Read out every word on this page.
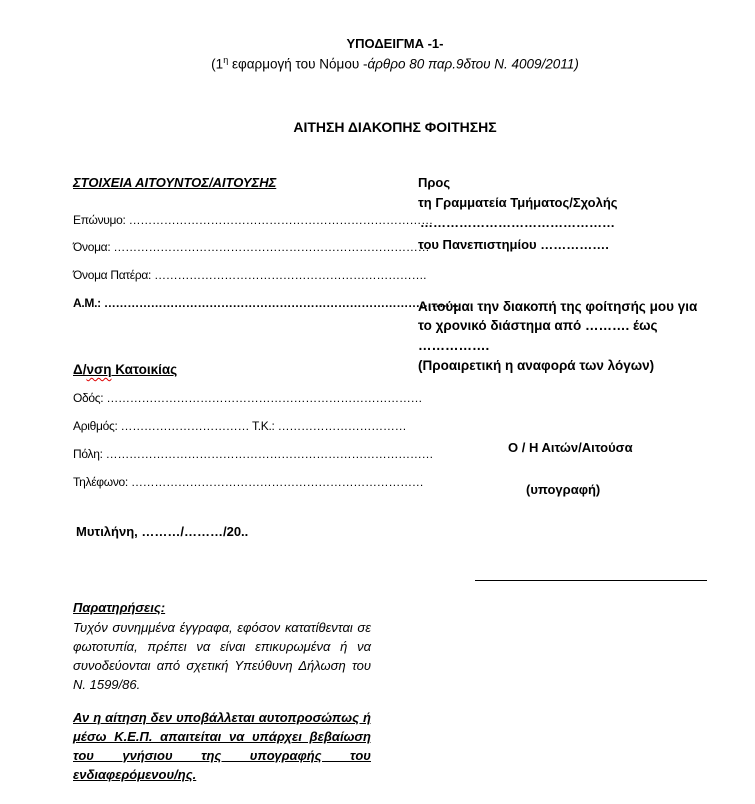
ΥΠΟΔΕΙΓΜΑ -1-
($1^\eta$ εφαρμογή του Νόμου -άρθρο 80 παρ.9δτου Ν. 4009/2011)
ΑΙΤΗΣΗ ΔΙΑΚΟΠΗΣ ΦΟΙΤΗΣΗΣ
ΣΤΟΙΧΕΙΑ ΑΙΤΟΥΝΤΟΣ/ΑΙΤΟΥΣΗΣ
Επώνυμο: ……………………………………………………………………
Όνομα: ………………………………………………………………………
Όνομα Πατέρα: …………………………………………………………….
Α.Μ.: …………………………………………………………………………….. ..
Δ/νση Κατοικίας
Οδός: ………………………………………………………………………
Αριθμός: …………………………… Τ.Κ.: ……………………………
Πόλη: …………………………………………………………………………
Τηλέφωνο: …………………………………………………………………
Μυτιλήνη, ………/………/20..
Προς
τη Γραμματεία Τμήματος/Σχολής
………………………………………
του Πανεπιστημίου …………….
Αιτούμαι την διακοπή της φοίτησής μου για
το χρονικό διάστημα από ………. έως
…………….
(Προαιρετική η αναφορά των λόγων)
Ο / Η Αιτών/Αιτούσα
(υπογραφή)
Παρατηρήσεις:
Τυχόν συνημμένα έγγραφα, εφόσον κατατίθενται σε φωτοτυπία, πρέπει να είναι επικυρωμένα ή να συνοδεύονται από σχετική Υπεύθυνη Δήλωση του Ν. 1599/86.
Αν η αίτηση δεν υποβάλλεται αυτοπροσώπως ή μέσω Κ.Ε.Π. απαιτείται να υπάρχει βεβαίωση του γνήσιου της υπογραφής του ενδιαφερόμενου/ης.
